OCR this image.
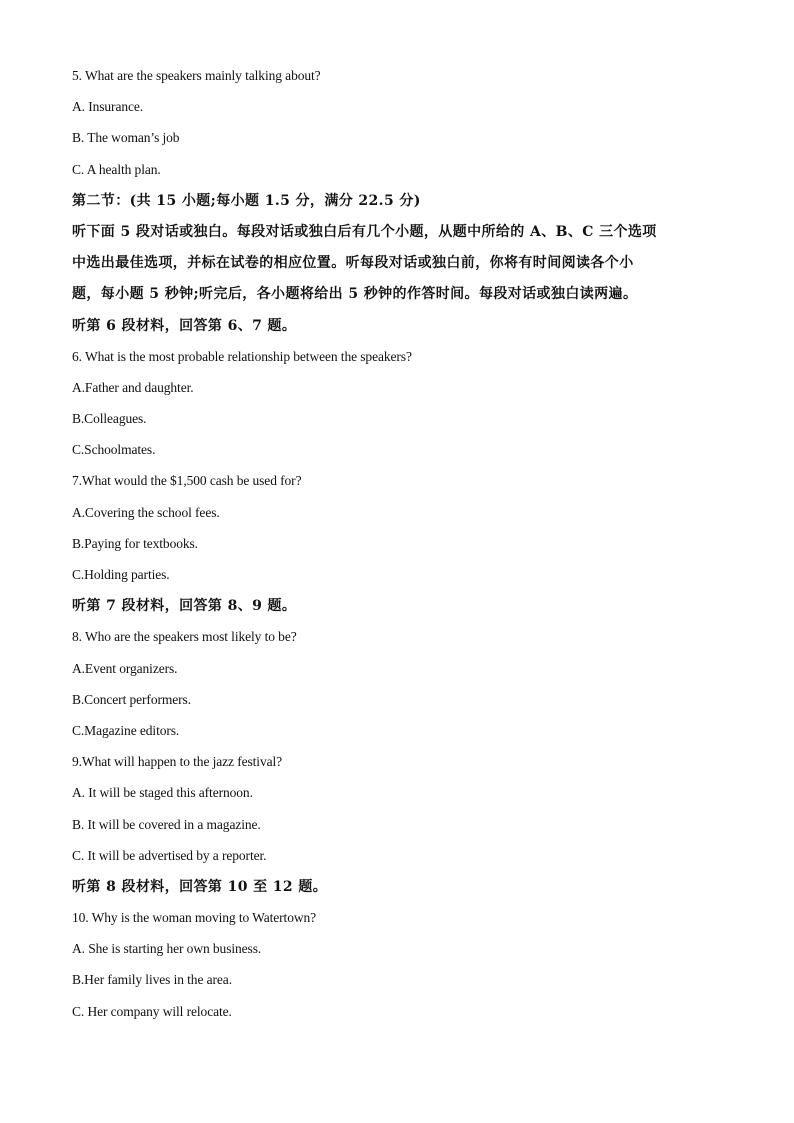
5. What are the speakers mainly talking about?
A. Insurance.
B. The woman’s job
C. A health plan.
第二节：(共 15 小题;每小题 1.5 分，满分 22.5 分)
听下面 5 段对话或独白。每段对话或独白后有几个小题，从题中所给的 A、B、C 三个选项
中选出最佳选项，并标在试卷的相应位置。听每段对话或独白前，你将有时间阅读各个小
题，每小题 5 秒钟;听完后，各小题将给出 5 秒钟的作答时间。每段对话或独白读两遍。
听第 6 段材料，回答第 6、7 题。
6. What is the most probable relationship between the speakers?
A.Father and daughter.
B.Colleagues.
C.Schoolmates.
7.What would the $1,500 cash be used for?
A.Covering the school fees.
B.Paying for textbooks.
C.Holding parties.
听第 7 段材料，回答第 8、9 题。
8. Who are the speakers most likely to be?
A.Event organizers.
B.Concert performers.
C.Magazine editors.
9.What will happen to the jazz festival?
A. It will be staged this afternoon.
B. It will be covered in a magazine.
C. It will be advertised by a reporter.
听第 8 段材料，回答第 10 至 12 题。
10. Why is the woman moving to Watertown?
A. She is starting her own business.
B.Her family lives in the area.
C. Her company will relocate.
